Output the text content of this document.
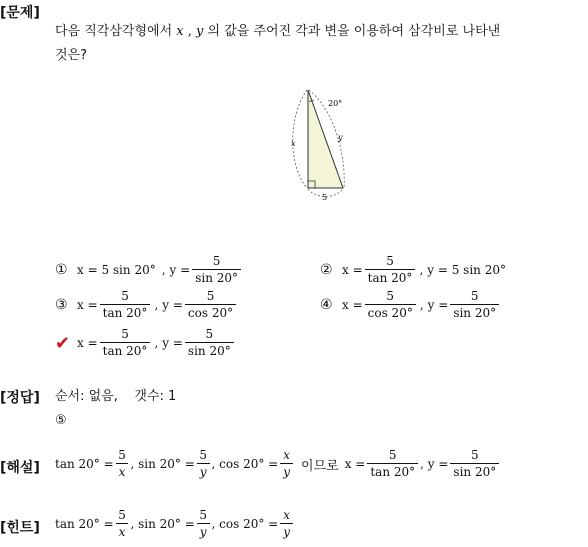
[문제]
다음 직각삼각형에서 x , y 의 값을 주어진 각과 변을 이용하여 삼각비로 나타낸
것은?
20°
x
y
5
① x = 5 sin 20° , $y = \frac{5}{\sin 20^\circ}$	② $x = \frac{5}{\tan 20^\circ}$ , y = 5 sin 20°
③ $x = \frac{5}{\tan 20^\circ}$ , $y = \frac{5}{\cos 20^\circ}$	④ $x = \frac{5}{\cos 20^\circ}$ , $y = \frac{5}{\sin 20^\circ}$
✔ $x = \frac{5}{\tan 20^\circ}$ , $y = \frac{5}{\sin 20^\circ}$
[정답] 순서: 없음,    갯수: 1
⑤
[해설] $\tan 20^\circ = \frac{5}{x}$ , $\sin 20^\circ = \frac{5}{y}$ , $\cos 20^\circ = \frac{x}{y}$ 이므로 $x = \frac{5}{\tan 20^\circ}$ , $y = \frac{5}{\sin 20^\circ}$
[힌트] $\tan 20^\circ = \frac{5}{x}$ , $\sin 20^\circ = \frac{5}{y}$ , $\cos 20^\circ = \frac{x}{y}$
